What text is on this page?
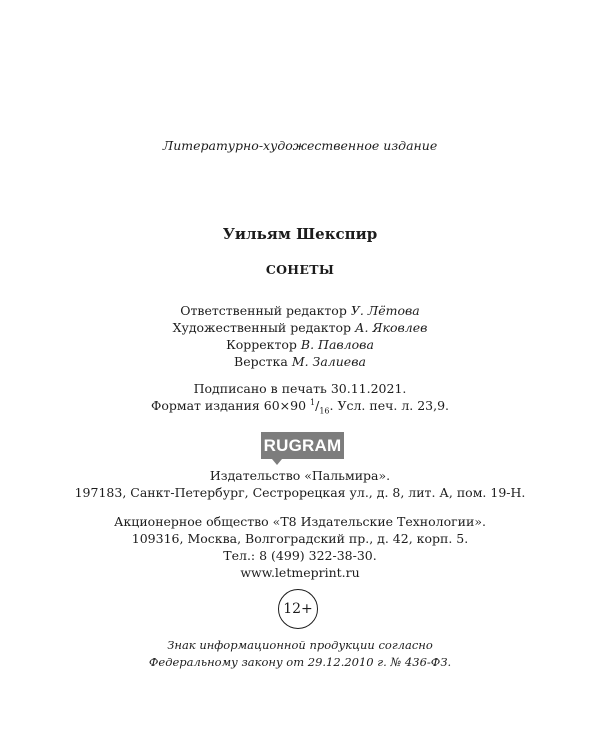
Литературно-художественное издание
Уильям Шекспир
СОНЕТЫ
Ответственный редактор У. Лётова
Художественный редактор А. Яковлев
Корректор В. Павлова
Верстка М. Залиева
Подписано в печать 30.11.2021.
Формат издания 60×90 $^1/_{16}$. Усл. печ. л. 23,9.
RUGRAM
Издательство «Пальмира».
197183, Санкт-Петербург, Сестрорецкая ул., д. 8, лит. А, пом. 19-Н.
Акционерное общество «Т8 Издательские Технологии».
109316, Москва, Волгоградский пр., д. 42, корп. 5.
Тел.: 8 (499) 322-38-30.
www.letmeprint.ru
12+
Знак информационной продукции согласно
Федеральному закону от 29.12.2010 г. № 436-ФЗ.
